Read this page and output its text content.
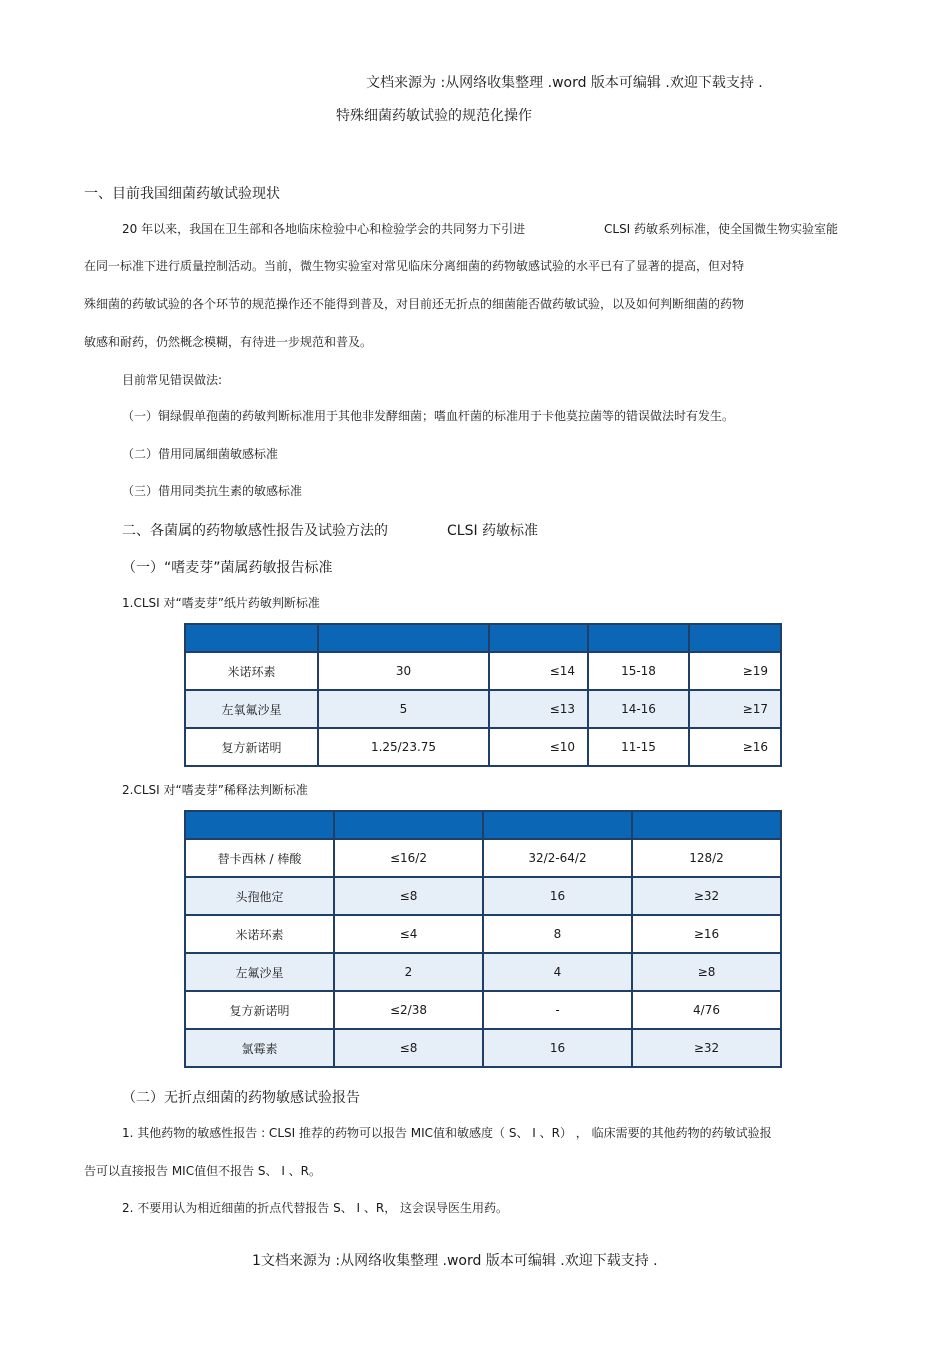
文档来源为 :从网络收集整理 .word 版本可编辑 .欢迎下载支持 .
特殊细菌药敏试验的规范化操作
一、目前我国细菌药敏试验现状
20 年以来，我国在卫生部和各地临床检验中心和检验学会的共同努力下引进	CLSI 药敏系列标准，使全国微生物实验室能
在同一标准下进行质量控制活动。当前，微生物实验室对常见临床分离细菌的药物敏感试验的水平已有了显著的提高，但对特
殊细菌的药敏试验的各个环节的规范操作还不能得到普及，对目前还无折点的细菌能否做药敏试验，以及如何判断细菌的药物
敏感和耐药，仍然概念模糊，有待进一步规范和普及。
目前常见错误做法:
（一）铜绿假单孢菌的药敏判断标准用于其他非发酵细菌；嗜血杆菌的标准用于卡他莫拉菌等的错误做法时有发生。
（二）借用同属细菌敏感标准
（三）借用同类抗生素的敏感标准
二、各菌属的药物敏感性报告及试验方法的	CLSI 药敏标准
（一）“嗜麦芽”菌属药敏报告标准
1.CLSI 对“嗜麦芽”纸片药敏判断标准

米诺环素	30	≤14	15-18	≥19
左氧氟沙星	5	≤13	14-16	≥17
复方新诺明	1.25/23.75	≤10	11-15	≥16
2.CLSI 对“嗜麦芽”稀释法判断标准

替卡西林 / 棒酸	≤16/2	32/2-64/2	128/2
头孢他定	≤8	16	≥32
米诺环素	≤4	8	≥16
左氟沙星	2	4	≥8
复方新诺明	≤2/38	-	4/76
氯霉素	≤8	16	≥32
（二）无折点细菌的药物敏感试验报告
1. 其他药物的敏感性报告 : CLSI 推荐的药物可以报告 MIC值和敏感度（ S、 I 、R） ， 临床需要的其他药物的药敏试验报
告可以直接报告 MIC值但不报告 S、 I 、R。
2. 不要用认为相近细菌的折点代替报告 S、 I 、R， 这会误导医生用药。
1文档来源为 :从网络收集整理 .word 版本可编辑 .欢迎下载支持 .
